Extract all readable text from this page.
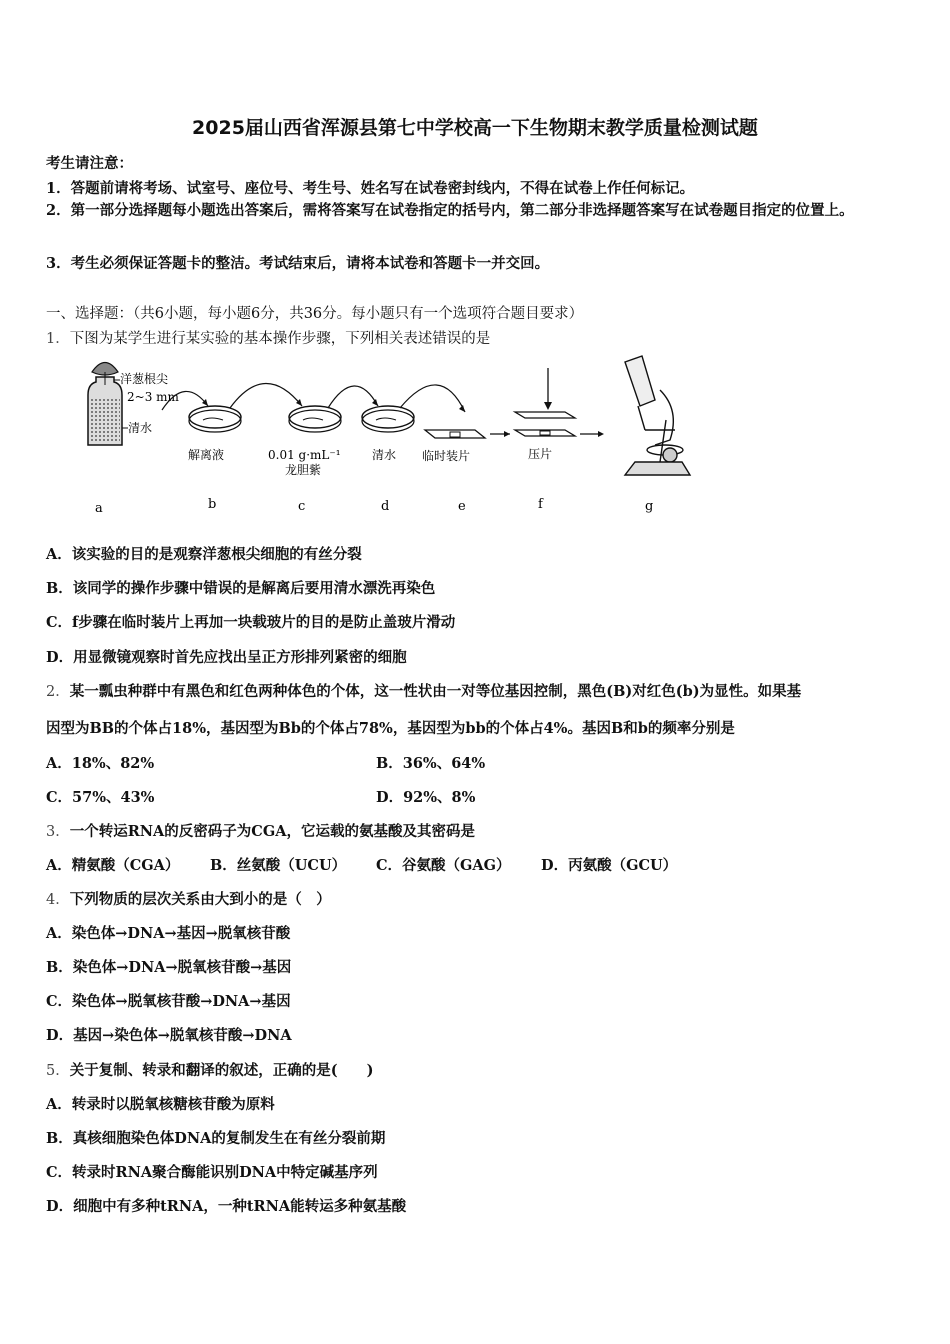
2025届山西省浑源县第七中学校高一下生物期末教学质量检测试题
考生请注意：
1．答题前请将考场、试室号、座位号、考生号、姓名写在试卷密封线内，不得在试卷上作任何标记。
2．第一部分选择题每小题选出答案后，需将答案写在试卷指定的括号内，第二部分非选择题答案写在试卷题目指定的位置上。
3．考生必须保证答题卡的整洁。考试结束后，请将本试卷和答题卡一并交回。
一、选择题：（共6小题，每小题6分，共36分。每小题只有一个选项符合题目要求）
1．下图为某学生进行某实验的基本操作步骤，下列相关表述错误的是
洋葱根尖
2~3 mm
清水
解离液	0.01 g·mL⁻¹
龙胆紫
清水 临时装片	压片
a	b	c	d	e	f	g
A．该实验的目的是观察洋葱根尖细胞的有丝分裂
B．该同学的操作步骤中错误的是解离后要用清水漂洗再染色
C．f步骤在临时装片上再加一块载玻片的目的是防止盖玻片滑动
D．用显微镜观察时首先应找出呈正方形排列紧密的细胞
2．某一瓢虫种群中有黑色和红色两种体色的个体，这一性状由一对等位基因控制，黑色(B)对红色(b)为显性。如果基
因型为BB的个体占18%，基因型为Bb的个体占78%，基因型为bb的个体占4%。基因B和b的频率分别是
A．18%、82%	B．36%、64%
C．57%、43%	D．92%、8%
3．一个转运RNA的反密码子为CGA，它运载的氨基酸及其密码是
A．精氨酸（CGA） B．丝氨酸（UCU） C．谷氨酸（GAG） D．丙氨酸（GCU）
4．下列物质的层次关系由大到小的是（　）
A．染色体→DNA→基因→脱氧核苷酸
B．染色体→DNA→脱氧核苷酸→基因
C．染色体→脱氧核苷酸→DNA→基因
D．基因→染色体→脱氧核苷酸→DNA
5．关于复制、转录和翻译的叙述，正确的是(　　)
A．转录时以脱氧核糖核苷酸为原料
B．真核细胞染色体DNA的复制发生在有丝分裂前期
C．转录时RNA聚合酶能识别DNA中特定碱基序列
D．细胞中有多种tRNA，一种tRNA能转运多种氨基酸
